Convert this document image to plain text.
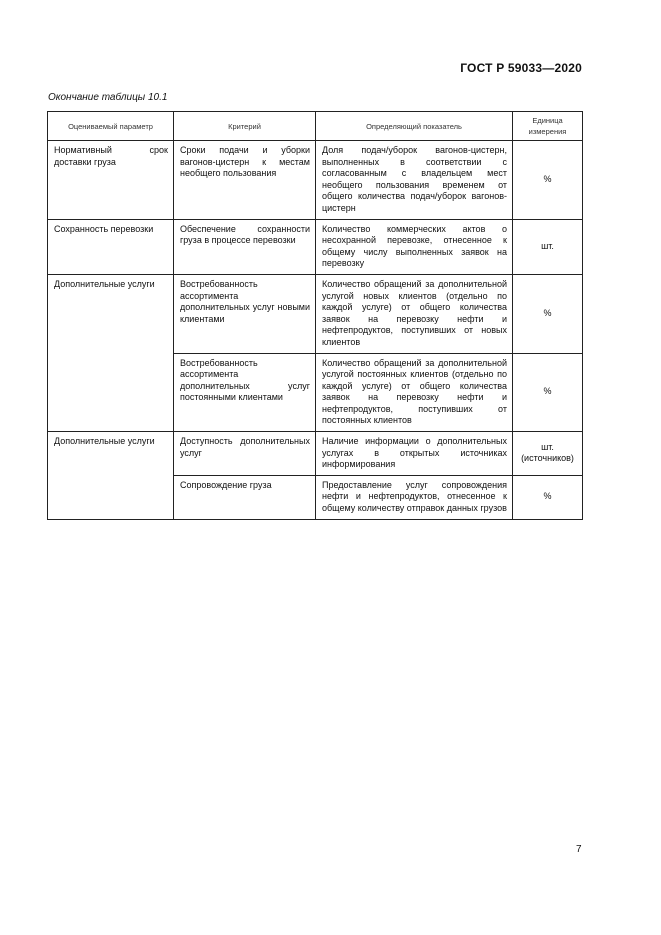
ГОСТ Р 59033—2020
Окончание таблицы 10.1
Оцениваемый параметр	Критерий	Определяющий показатель	Единица измерения
Нормативный срок доставки груза	Сроки подачи и уборки вагонов-цистерн к местам необщего пользования	Доля подач/уборок вагонов-цистерн, выполненных в соответствии с согласованным с владельцем мест необщего пользования временем от общего количества подач/уборок вагонов-цистерн	%
Сохранность перевозки	Обеспечение сохранности груза в процессе перевозки	Количество коммерческих актов о несохранной перевозке, отнесенное к общему числу выполненных заявок на перевозку	шт.
Дополнительные услуги	Востребованность ассортимента дополнительных услуг новыми клиентами	Количество обращений за дополнительной услугой новых клиентов (отдельно по каждой услуге) от общего количества заявок на перевозку нефти и нефтепродуктов, поступивших от новых клиентов	%
	Востребованность ассортимента дополнительных услуг постоянными клиентами	Количество обращений за дополнительной услугой постоянных клиентов (отдельно по каждой услуге) от общего количества заявок на перевозку нефти и нефтепродуктов, поступивших от постоянных клиентов	%
Дополнительные услуги	Доступность дополнительных услуг	Наличие информации о дополнительных услугах в открытых источниках информирования	шт. (источников)
	Сопровождение груза	Предоставление услуг сопровождения нефти и нефтепродуктов, отнесенное к общему количеству отправок данных грузов	%
7
